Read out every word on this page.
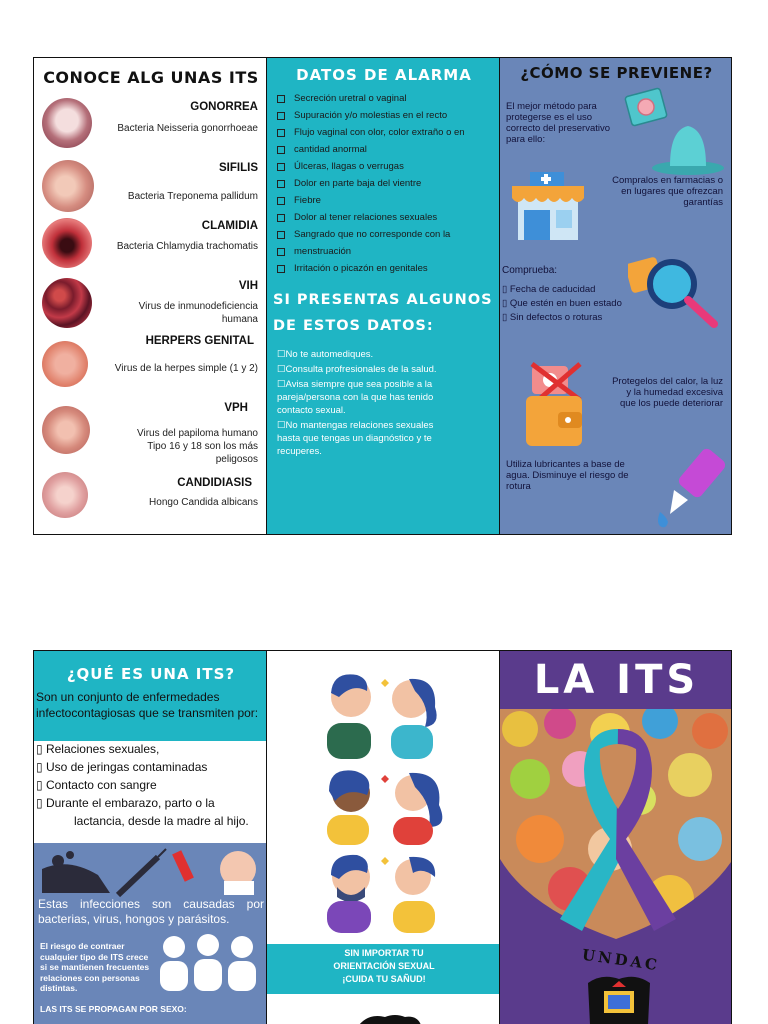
CONOCE ALG UNAS ITS
GONORREA
Bacteria Neisseria gonorrhoeae
SIFILIS
Bacteria Treponema pallidum
CLAMIDIA
Bacteria Chlamydia trachomatis
VIH
Virus de inmunodeficiencia humana
HERPERS GENITAL
Virus de la herpes simple (1 y 2)
VPH
Virus del papiloma humano Tipo 16 y 18 son los más peligosos
CANDIDIASIS
Hongo Candida albicans
DATOS DE ALARMA
Secreción uretral o vaginal
Supuración y/o molestias en el recto
Flujo vaginal con olor, color extraño o en
cantidad anormal
Úlceras, llagas o verrugas
Dolor en parte baja del vientre
Fiebre
Dolor al tener relaciones sexuales
Sangrado que no corresponde con la
menstruación
Irritación o picazón en genitales
SI PRESENTAS ALGUNOS
DE ESTOS DATOS:
☐No te automediques.
☐Consulta profresionales de la salud.
☐Avisa siempre que sea posible a la pareja/persona con la que has tenido contacto sexual.
☐No mantengas relaciones sexuales hasta que tengas un diagnóstico y te recuperes.
¿CÓMO SE PREVIENE?
El mejor método para protegerse es el uso correcto del preservativo para ello:
Compralos en farmacias o en lugares que ofrezcan garantías
Comprueba:
▯ Fecha de caducidad
▯ Que estén en buen estado
▯ Sin defectos o roturas
Protegelos del calor, la luz y la humedad excesiva que los puede deteriorar
Utiliza lubricantes a base de agua. Disminuye el riesgo de rotura
¿QUÉ ES UNA ITS?
Son un conjunto de enfermedades infectocontagiosas que se transmiten por:
▯ Relaciones sexuales,
▯ Uso de jeringas contaminadas
▯ Contacto con sangre
▯ Durante el embarazo, parto o la
lactancia, desde la madre al hijo.
Estas infecciones son causadas por bacterias, virus, hongos y parásitos.
El riesgo de contraer cualquier tipo de ITS crece si se mantienen frecuentes relaciones con personas distintas.
LAS ITS SE PROPAGAN POR SEXO:
SIN IMPORTAR TU
ORIENTACIÓN SEXUAL
¡CUIDA TU SAÑUD!
LA ITS
UNDAC
